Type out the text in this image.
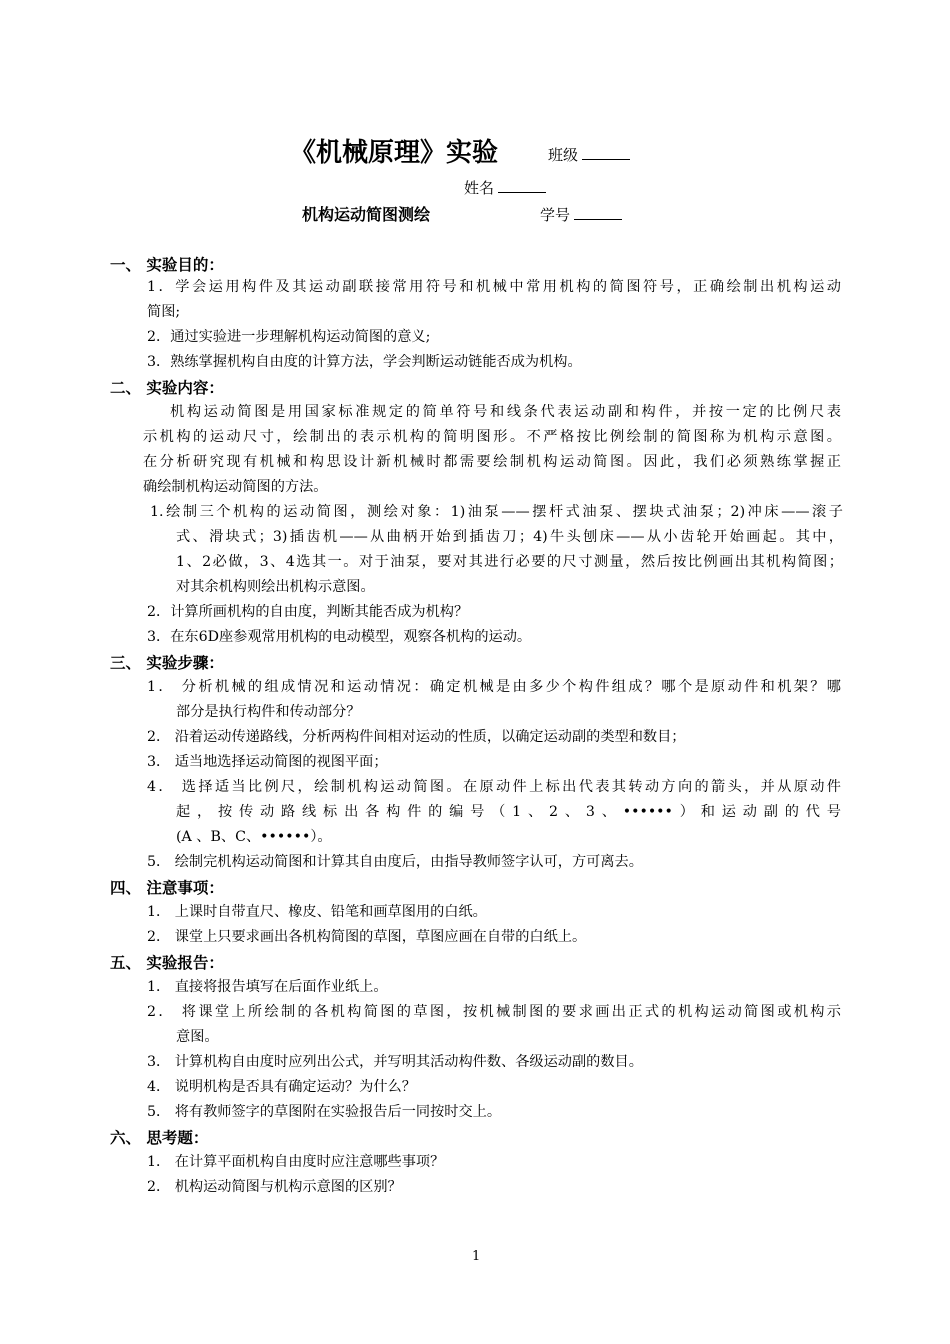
《机械原理》实验	班级
姓名
机构运动简图测绘	学号
一、 实验目的：
1．学会运用构件及其运动副联接常用符号和机械中常用机构的简图符号，正确绘制出机构运动
简图;
2．通过实验进一步理解机构运动简图的意义;
3．熟练掌握机构自由度的计算方法，学会判断运动链能否成为机构。
二、 实验内容：
机构运动简图是用国家标准规定的简单符号和线条代表运动副和构件，并按一定的比例尺表
示机构的运动尺寸，绘制出的表示机构的简明图形。不严格按比例绘制的简图称为机构示意图。
在分析研究现有机械和构思设计新机械时都需要绘制机构运动简图。因此，我们必须熟练掌握正
确绘制机构运动简图的方法。
1.绘制三个机构的运动简图，测绘对象：1)油泵——摆杆式油泵、摆块式油泵；2)冲床——滚子
式、滑块式；3)插齿机——从曲柄开始到插齿刀；4)牛头刨床——从小齿轮开始画起。其中，
1、2必做，3、4选其一。对于油泵，要对其进行必要的尺寸测量，然后按比例画出其机构简图；
对其余机构则绘出机构示意图。
2．计算所画机构的自由度，判断其能否成为机构？
3．在东6D座参观常用机构的电动模型，观察各机构的运动。
三、 实验步骤：
1． 分析机械的组成情况和运动情况：确定机械是由多少个构件组成？哪个是原动件和机架？哪
部分是执行构件和传动部分？
2． 沿着运动传递路线，分析两构件间相对运动的性质，以确定运动副的类型和数目；
3． 适当地选择运动简图的视图平面；
4． 选择适当比例尺，绘制机构运动简图。在原动件上标出代表其转动方向的箭头，并从原动件
起，按传动路线标出各构件的编号（1、2、3、••••••）和运动副的代号
(A 、B、C、••••••）。
5． 绘制完机构运动简图和计算其自由度后，由指导教师签字认可，方可离去。
四、 注意事项：
1． 上课时自带直尺、橡皮、铅笔和画草图用的白纸。
2． 课堂上只要求画出各机构简图的草图，草图应画在自带的白纸上。
五、 实验报告：
1． 直接将报告填写在后面作业纸上。
2． 将课堂上所绘制的各机构简图的草图，按机械制图的要求画出正式的机构运动简图或机构示
意图。
3． 计算机构自由度时应列出公式，并写明其活动构件数、各级运动副的数目。
4． 说明机构是否具有确定运动？为什么？
5． 将有教师签字的草图附在实验报告后一同按时交上。
六、 思考题：
1． 在计算平面机构自由度时应注意哪些事项？
2． 机构运动简图与机构示意图的区别？
1
